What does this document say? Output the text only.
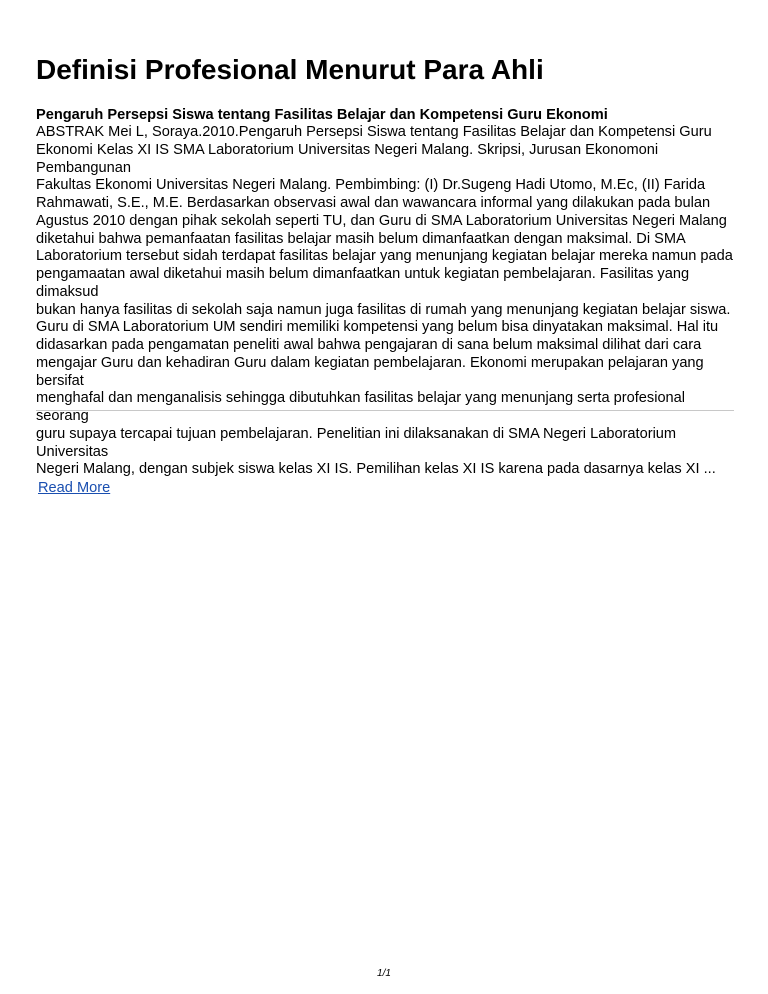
Definisi Profesional Menurut Para Ahli
Pengaruh Persepsi Siswa tentang Fasilitas Belajar dan Kompetensi Guru Ekonomi

ABSTRAK Mei L, Soraya.2010.Pengaruh Persepsi Siswa tentang Fasilitas Belajar dan Kompetensi Guru
Ekonomi Kelas XI IS SMA Laboratorium Universitas Negeri Malang. Skripsi, Jurusan Ekonomoni Pembangunan
Fakultas Ekonomi Universitas Negeri Malang. Pembimbing: (I) Dr.Sugeng Hadi Utomo, M.Ec, (II) Farida
Rahmawati, S.E., M.E. Berdasarkan observasi awal dan wawancara informal yang dilakukan pada bulan
Agustus 2010 dengan pihak sekolah seperti TU, dan Guru di SMA Laboratorium Universitas Negeri Malang
diketahui bahwa pemanfaatan fasilitas belajar masih belum dimanfaatkan dengan maksimal. Di SMA
Laboratorium tersebut sidah terdapat fasilitas belajar yang menunjang kegiatan belajar mereka namun pada
pengamaatan awal diketahui masih belum dimanfaatkan untuk kegiatan pembelajaran. Fasilitas yang dimaksud
bukan hanya fasilitas di sekolah saja namun juga fasilitas di rumah yang menunjang kegiatan belajar siswa.
Guru di SMA Laboratorium UM sendiri memiliki kompetensi yang belum bisa dinyatakan maksimal. Hal itu
didasarkan pada pengamatan peneliti awal bahwa pengajaran di sana belum maksimal dilihat dari cara
mengajar Guru dan kehadiran Guru dalam kegiatan pembelajaran. Ekonomi merupakan pelajaran yang bersifat
menghafal dan menganalisis sehingga dibutuhkan fasilitas belajar yang menunjang serta profesional seorang
guru supaya tercapai tujuan pembelajaran. Penelitian ini dilaksanakan di SMA Negeri Laboratorium Universitas
Negeri Malang, dengan subjek siswa kelas XI IS. Pemilihan kelas XI IS karena pada dasarnya kelas XI ...

Read More
1/1
